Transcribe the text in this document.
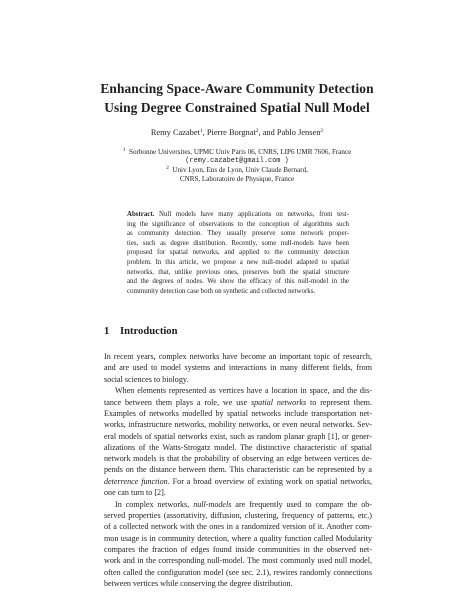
Enhancing Space-Aware Community Detection
Using Degree Constrained Spatial Null Model
Remy Cazabet$^1$, Pierre Borgnat$^2$, and Pablo Jensen$^2$
$^1$ Sorbonne Universites, UPMC Univ Paris 06, CNRS, LIP6 UMR 7606, France
(remy.cazabet@gmail.com )
$^2$ Univ Lyon, Ens de Lyon, Univ Claude Bernard,
CNRS, Laboratoire de Physique, France
Abstract. Null models have many applications on networks, from test-
ing the significance of observations to the conception of algorithms such
as community detection. They usually preserve some network proper-
ties, such as degree distribution. Recently, some null-models have been
proposed for spatial networks, and applied to the community detection
problem. In this article, we propose a new null-model adapted to spatial
networks, that, unlike previous ones, preserves both the spatial structure
and the degrees of nodes. We show the efficacy of this null-model in the
community detection case both on synthetic and collected networks.
1 Introduction
In recent years, complex networks have become an important topic of research,
and are used to model systems and interactions in many different fields, from
social sciences to biology.
When elements represented as vertices have a location in space, and the dis-
tance between them plays a role, we use spatial networks to represent them.
Examples of networks modelled by spatial networks include transportation net-
works, infrastructure networks, mobility networks, or even neural networks. Sev-
eral models of spatial networks exist, such as random planar graph [1], or gener-
alizations of the Watts-Strogatz model. The distinctive characteristic of spatial
network models is that the probability of observing an edge between vertices de-
pends on the distance between them. This characteristic can be represented by a
deterrence function. For a broad overview of existing work on spatial networks,
one can turn to [2].
In complex networks, null-models are frequently used to compare the ob-
served properties (assortativity, diffusion, clustering, frequency of patterns, etc.)
of a collected network with the ones in a randomized version of it. Another com-
mon usage is in community detection, where a quality function called Modularity
compares the fraction of edges found inside communities in the observed net-
work and in the corresponding null-model. The most commonly used null model,
often called the configuration model (see sec. 2.1), rewires randomly connections
between vertices while conserving the degree distribution.
